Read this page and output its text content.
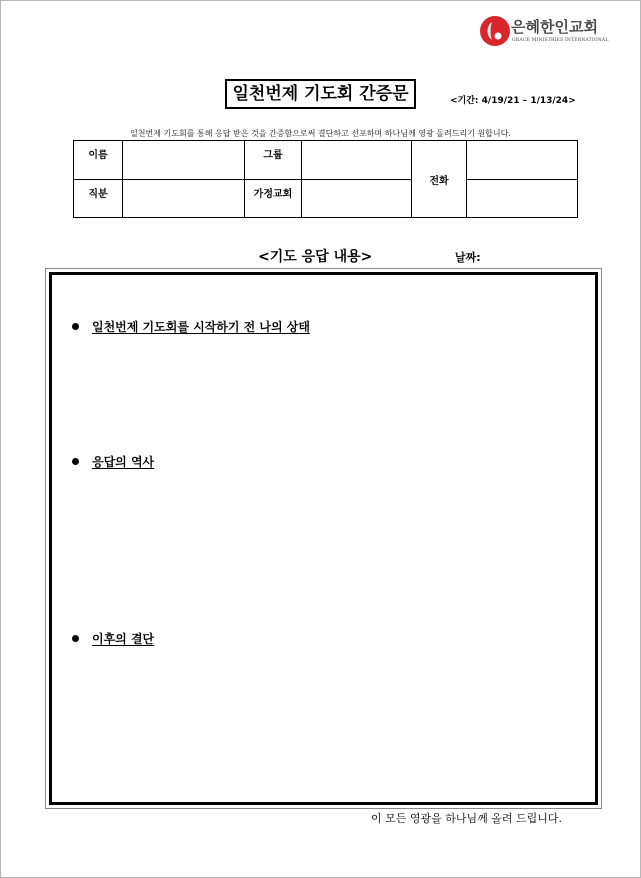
은혜한인교회
GRACE MINISTRIES INTERNATIONAL
일천번제 기도회 간증문	<기간: 4/19/21 – 1/13/24>
일천번제 기도회를 통해 응답 받은 것을 간증함으로써 결단하고 선포하며 하나님께 영광 돌려드리기 원합니다.
이름		그룹		전화	
직분		가정교회			
<기도 응답 내용>	날짜:
일천번제 기도회를 시작하기 전 나의 상태
응답의 역사
이후의 결단
이 모든 영광을 하나님께 올려 드립니다.
